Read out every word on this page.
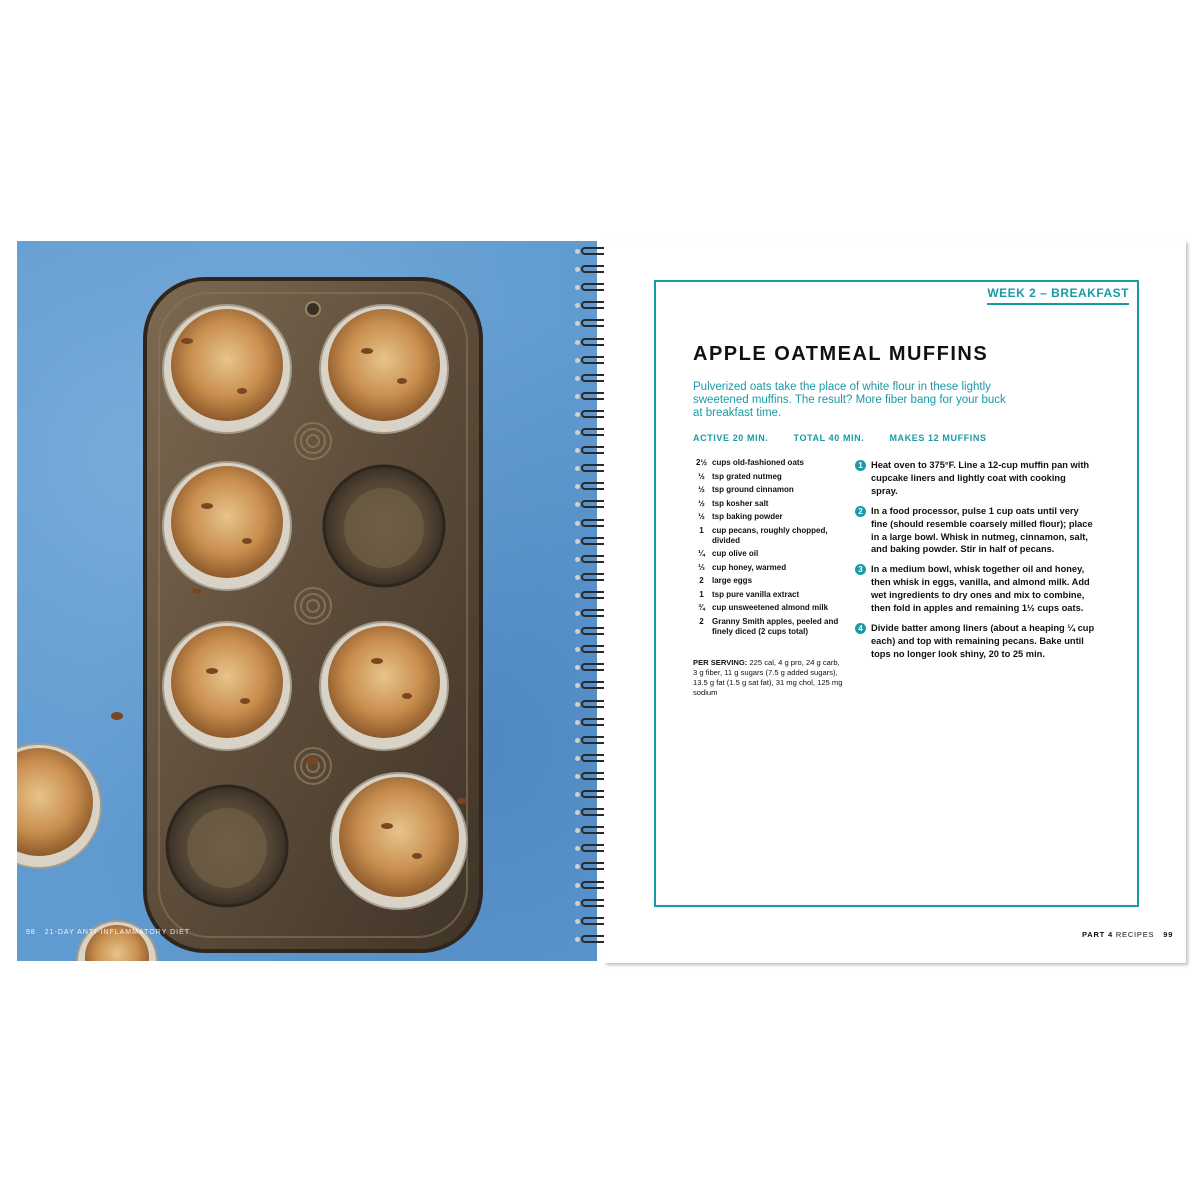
98 21-DAY ANTI-INFLAMMATORY DIET
WEEK 2 – BREAKFAST
APPLE OATMEAL MUFFINS
Pulverized oats take the place of white flour in these lightly sweetened muffins. The result? More fiber bang for your buck at breakfast time.
ACTIVE 20 MIN.	TOTAL 40 MIN.	MAKES 12 MUFFINS
2½ cups old-fashioned oats
½ tsp grated nutmeg
½ tsp ground cinnamon
½ tsp kosher salt
½ tsp baking powder
1	cup pecans, roughly chopped, divided
¼ cup olive oil
⅓ cup honey, warmed
2	large eggs
1	tsp pure vanilla extract
¾ cup unsweetened almond milk
2	Granny Smith apples, peeled and finely diced (2 cups total)
PER SERVING: 225 cal, 4 g pro, 24 g carb, 3 g fiber, 11 g sugars (7.5 g added sugars), 13.5 g fat (1.5 g sat fat), 31 mg chol, 125 mg sodium
1 Heat oven to 375°F. Line a 12-cup muffin pan with cupcake liners and lightly coat with cooking spray.
2 In a food processor, pulse 1 cup oats until very fine (should resemble coarsely milled flour); place in a large bowl. Whisk in nutmeg, cinnamon, salt, and baking powder. Stir in half of pecans.
3 In a medium bowl, whisk together oil and honey, then whisk in eggs, vanilla, and almond milk. Add wet ingredients to dry ones and mix to combine, then fold in apples and remaining 1½ cups oats.
4 Divide batter among liners (about a heaping ¼ cup each) and top with remaining pecans. Bake until tops no longer look shiny, 20 to 25 min.
PART 4 RECIPES 99
